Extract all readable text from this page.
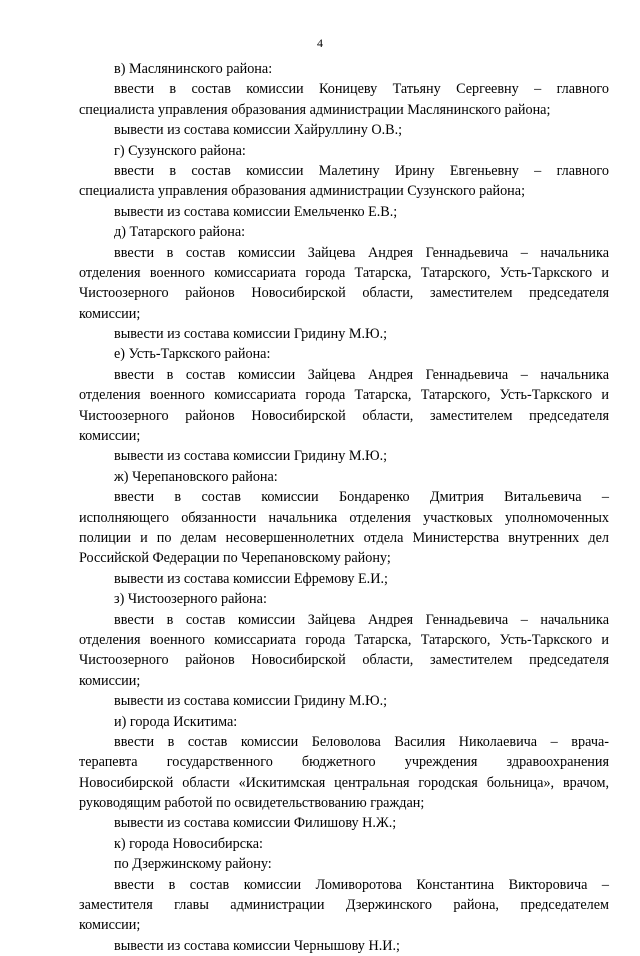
4
в) Маслянинского района:
ввести в состав комиссии Коницеву Татьяну Сергеевну – главного
специалиста управления образования администрации Маслянинского района;
вывести из состава комиссии Хайруллину О.В.;
г) Сузунского района:
ввести в состав комиссии Малетину Ирину Евгеньевну – главного
специалиста управления образования администрации Сузунского района;
вывести из состава комиссии Емельченко Е.В.;
д) Татарского района:
ввести в состав комиссии Зайцева Андрея Геннадьевича – начальника
отделения военного комиссариата города Татарска, Татарского, Усть-Таркского и
Чистоозерного районов Новосибирской области, заместителем председателя
комиссии;
вывести из состава комиссии Гридину М.Ю.;
е) Усть-Таркского района:
ввести в состав комиссии Зайцева Андрея Геннадьевича – начальника
отделения военного комиссариата города Татарска, Татарского, Усть-Таркского и
Чистоозерного районов Новосибирской области, заместителем председателя
комиссии;
вывести из состава комиссии Гридину М.Ю.;
ж) Черепановского района:
ввести в состав комиссии Бондаренко Дмитрия Витальевича –
исполняющего обязанности начальника отделения участковых уполномоченных
полиции и по делам несовершеннолетних отдела Министерства внутренних дел
Российской Федерации по Черепановскому району;
вывести из состава комиссии Ефремову Е.И.;
з) Чистоозерного района:
ввести в состав комиссии Зайцева Андрея Геннадьевича – начальника
отделения военного комиссариата города Татарска, Татарского, Усть-Таркского и
Чистоозерного районов Новосибирской области, заместителем председателя
комиссии;
вывести из состава комиссии Гридину М.Ю.;
и) города Искитима:
ввести в состав комиссии Беловолова Василия Николаевича – врача-
терапевта государственного бюджетного учреждения здравоохранения
Новосибирской области «Искитимская центральная городская больница», врачом,
руководящим работой по освидетельствованию граждан;
вывести из состава комиссии Филишову Н.Ж.;
к) города Новосибирска:
по Дзержинскому району:
ввести в состав комиссии Ломиворотова Константина Викторовича –
заместителя главы администрации Дзержинского района, председателем
комиссии;
вывести из состава комиссии Чернышову Н.И.;
